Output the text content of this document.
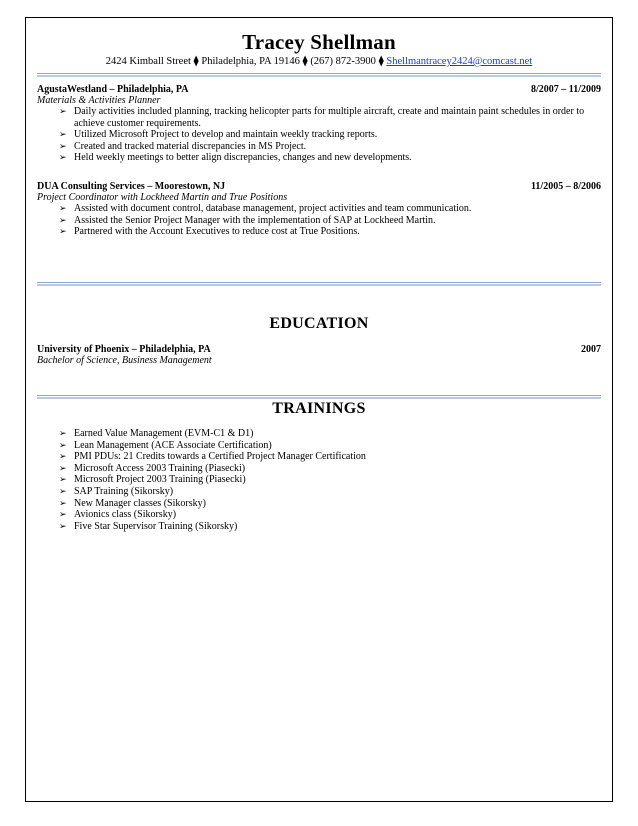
Tracey Shellman
2424 Kimball Street ⧫ Philadelphia, PA 19146 ⧫ (267) 872-3900 ⧫ Shellmantracey2424@comcast.net
AgustaWestland – Philadelphia, PA	8/2007 – 11/2009
Materials & Activities Planner
➢ Daily activities included planning, tracking helicopter parts for multiple aircraft, create and maintain paint schedules in order to achieve customer requirements.
➢ Utilized Microsoft Project to develop and maintain weekly tracking reports.
➢ Created and tracked material discrepancies in MS Project.
➢ Held weekly meetings to better align discrepancies, changes and new developments.
DUA Consulting Services – Moorestown, NJ	11/2005 – 8/2006
Project Coordinator with Lockheed Martin and True Positions
➢ Assisted with document control, database management, project activities and team communication.
➢ Assisted the Senior Project Manager with the implementation of SAP at Lockheed Martin.
➢ Partnered with the Account Executives to reduce cost at True Positions.
EDUCATION
University of Phoenix – Philadelphia, PA	2007
Bachelor of Science, Business Management
TRAININGS
➢ Earned Value Management (EVM-C1 & D1)
➢ Lean Management (ACE Associate Certification)
➢ PMI PDUs: 21 Credits towards a Certified Project Manager Certification
➢ Microsoft Access 2003 Training (Piasecki)
➢ Microsoft Project 2003 Training (Piasecki)
➢ SAP Training (Sikorsky)
➢ New Manager classes (Sikorsky)
➢ Avionics class (Sikorsky)
➢ Five Star Supervisor Training (Sikorsky)
